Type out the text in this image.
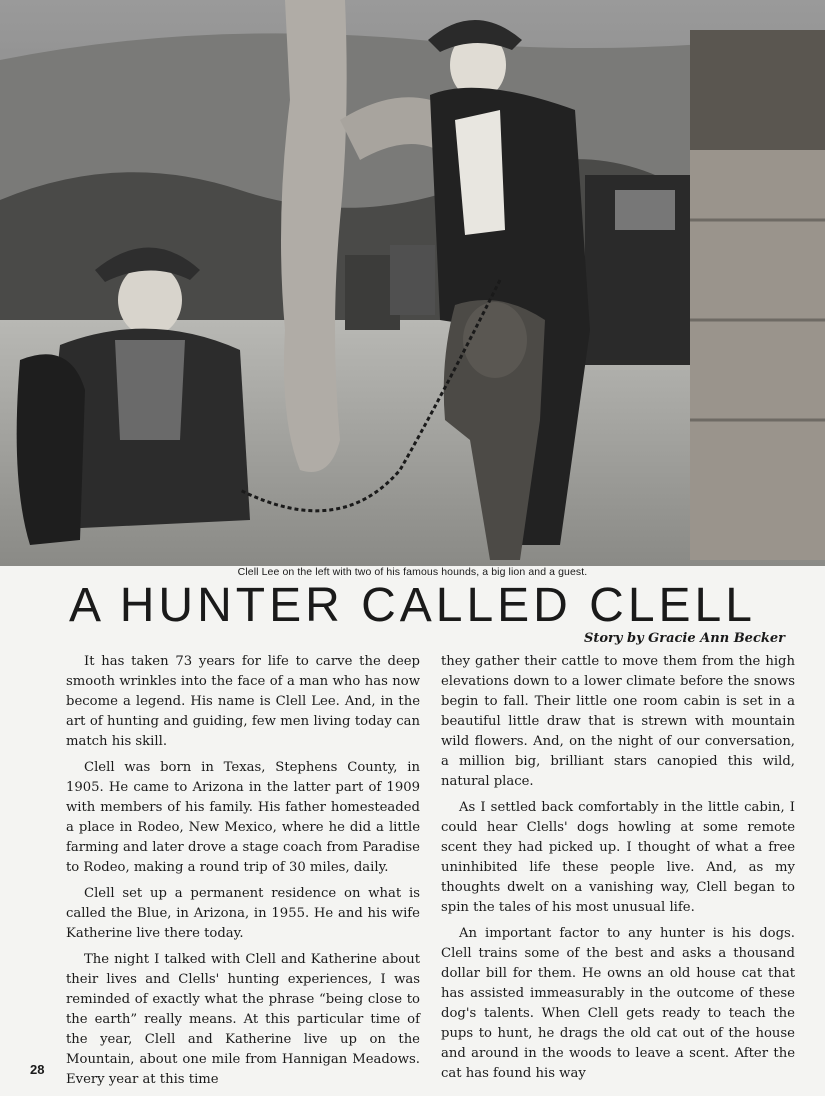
Clell Lee on the left with two of his famous hounds, a big lion and a guest.
A HUNTER CALLED CLELL
Story by Gracie Ann Becker

It has taken 73 years for life to carve the deep smooth wrinkles into the face of a man who has now become a legend. His name is Clell Lee. And, in the art of hunting and guiding, few men living today can match his skill.

Clell was born in Texas, Stephens County, in 1905. He came to Arizona in the latter part of 1909 with members of his family. His father homesteaded a place in Rodeo, New Mexico, where he did a little farming and later drove a stage coach from Paradise to Rodeo, making a round trip of 30 miles, daily.

Clell set up a permanent residence on what is called the Blue, in Arizona, in 1955. He and his wife Katherine live there today.

The night I talked with Clell and Katherine about their lives and Clells' hunting experiences, I was reminded of exactly what the phrase “being close to the earth” really means. At this particular time of the year, Clell and Katherine live up on the Mountain, about one mile from Hannigan Meadows. Every year at this time

they gather their cattle to move them from the high elevations down to a lower climate before the snows begin to fall. Their little one room cabin is set in a beautiful little draw that is strewn with mountain wild flowers. And, on the night of our conversation, a million big, brilliant stars canopied this wild, natural place.

As I settled back comfortably in the little cabin, I could hear Clells' dogs howling at some remote scent they had picked up. I thought of what a free uninhibited life these people live. And, as my thoughts dwelt on a vanishing way, Clell began to spin the tales of his most unusual life.

An important factor to any hunter is his dogs. Clell trains some of the best and asks a thousand dollar bill for them. He owns an old house cat that has assisted immeasurably in the outcome of these dog's talents. When Clell gets ready to teach the pups to hunt, he drags the old cat out of the house and around in the woods to leave a scent. After the cat has found his way

28
